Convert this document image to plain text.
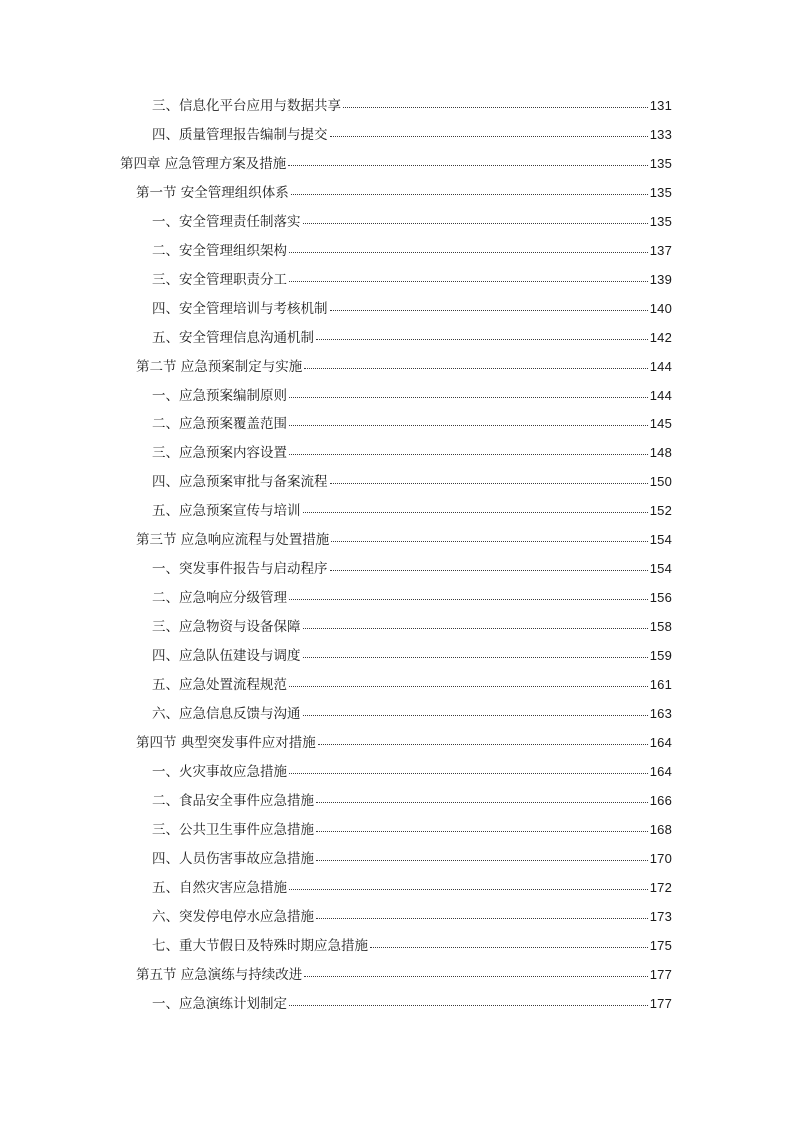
三、信息化平台应用与数据共享	131
四、质量管理报告编制与提交	133
第四章 应急管理方案及措施	135
第一节 安全管理组织体系	135
一、安全管理责任制落实	135
二、安全管理组织架构	137
三、安全管理职责分工	139
四、安全管理培训与考核机制	140
五、安全管理信息沟通机制	142
第二节 应急预案制定与实施	144
一、应急预案编制原则	144
二、应急预案覆盖范围	145
三、应急预案内容设置	148
四、应急预案审批与备案流程	150
五、应急预案宣传与培训	152
第三节 应急响应流程与处置措施	154
一、突发事件报告与启动程序	154
二、应急响应分级管理	156
三、应急物资与设备保障	158
四、应急队伍建设与调度	159
五、应急处置流程规范	161
六、应急信息反馈与沟通	163
第四节 典型突发事件应对措施	164
一、火灾事故应急措施	164
二、食品安全事件应急措施	166
三、公共卫生事件应急措施	168
四、人员伤害事故应急措施	170
五、自然灾害应急措施	172
六、突发停电停水应急措施	173
七、重大节假日及特殊时期应急措施	175
第五节 应急演练与持续改进	177
一、应急演练计划制定	177
